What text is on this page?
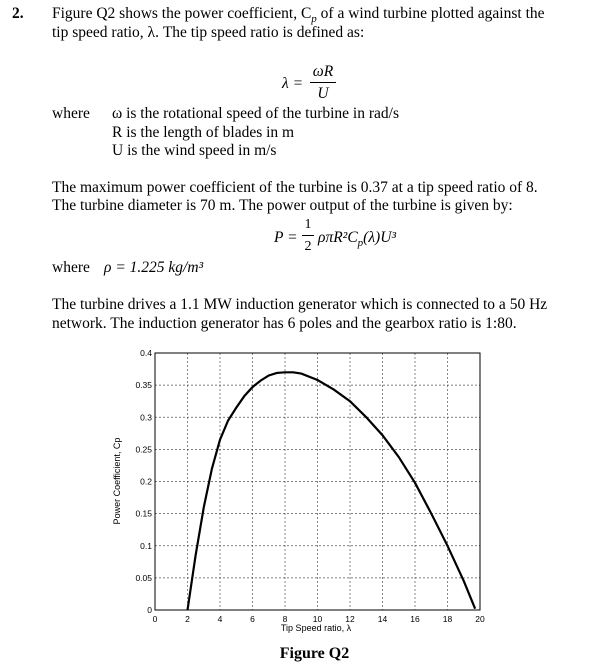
2. Figure Q2 shows the power coefficient, $C_p$ of a wind turbine plotted against the
tip speed ratio, λ. The tip speed ratio is defined as:
λ =
ωR
U
where ω is the rotational speed of the turbine in rad/s
R is the length of blades in m
U is the wind speed in m/s
The maximum power coefficient of the turbine is 0.37 at a tip speed ratio of 8.
The turbine diameter is 70 m. The power output of the turbine is given by:
P =
1
2
$\rho\pi R^2C_p(\lambda)U^3$
where ρ = 1.225 kg/m³
The turbine drives a 1.1 MW induction generator which is connected to a 50 Hz
network. The induction generator has 6 poles and the gearbox ratio is 1:80.
0
0.05
0.1
0.15
0.2
0.25
0.3
0.35
0.4
0	2	4	6	8	10	12	14	16	18	20
Tip Speed ratio, λ
Power Coefficient, Cp
Figure Q2
